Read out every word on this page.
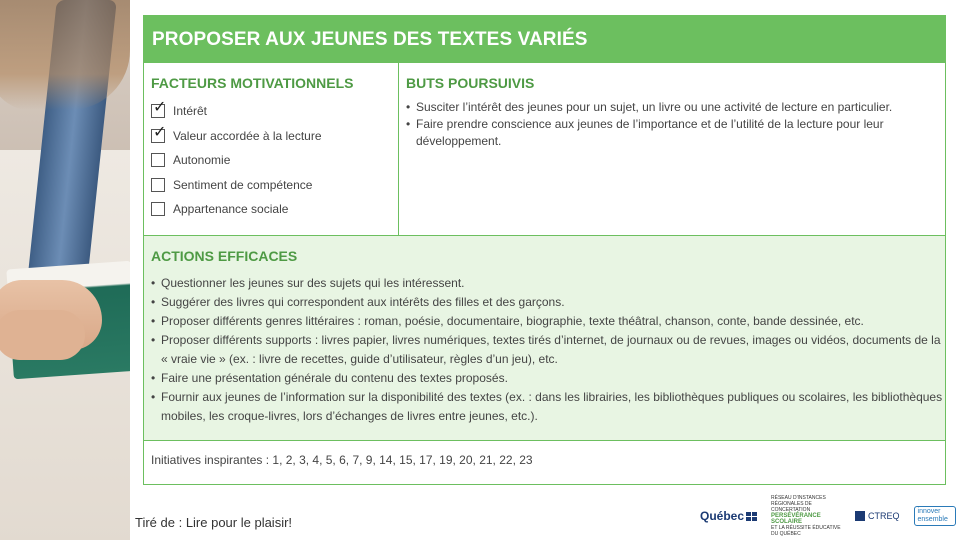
PROPOSER AUX JEUNES DES TEXTES VARIÉS
FACTEURS MOTIVATIONNELS
✓ Intérêt
✓ Valeur accordée à la lecture
Autonomie
Sentiment de compétence
Appartenance sociale
BUTS POURSUIVIS
• Susciter l’intérêt des jeunes pour un sujet, un livre ou une activité de lecture en particulier.
• Faire prendre conscience aux jeunes de l’importance et de l’utilité de la lecture pour leur développement.
ACTIONS EFFICACES
• Questionner les jeunes sur des sujets qui les intéressent.
• Suggérer des livres qui correspondent aux intérêts des filles et des garçons.
• Proposer différents genres littéraires : roman, poésie, documentaire, biographie, texte théâtral, chanson, conte, bande dessinée, etc.
• Proposer différents supports : livres papier, livres numériques, textes tirés d’internet, de journaux ou de revues, images ou vidéos, documents de la « vraie vie » (ex. : livre de recettes, guide d’utilisateur, règles d’un jeu), etc.
• Faire une présentation générale du contenu des textes proposés.
• Fournir aux jeunes de l’information sur la disponibilité des textes (ex. : dans les librairies, les bibliothèques publiques ou scolaires, les bibliothèques mobiles, les croque-livres, lors d’échanges de livres entre jeunes, etc.).
Initiatives inspirantes : 1, 2, 3, 4, 5, 6, 7, 9, 14, 15, 17, 19, 20, 21, 22, 23
Tiré de : Lire pour le plaisir!	Québec
RÉSEAU D'INSTANCES RÉGIONALES DE CONCERTATION
PERSÉVÉRANCE SCOLAIRE
ET LA RÉUSSITE ÉDUCATIVE DU QUÉBEC
CTREQ	innover ensemble
